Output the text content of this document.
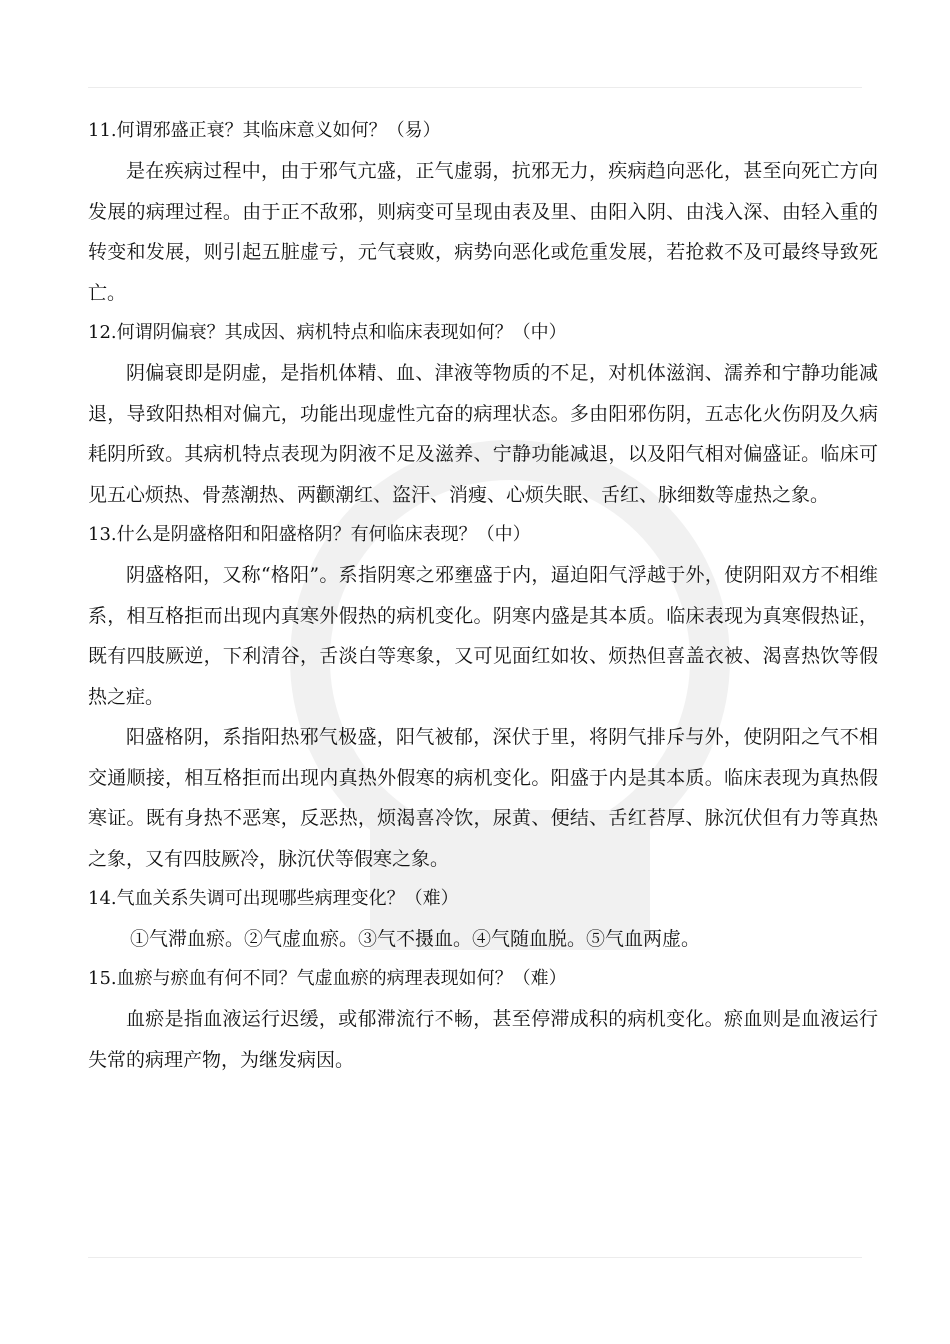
11.何谓邪盛正衰？其临床意义如何？（易）

是在疾病过程中，由于邪气亢盛，正气虚弱，抗邪无力，疾病趋向恶化，甚至向死亡方向发展的病理过程。由于正不敌邪，则病变可呈现由表及里、由阳入阴、由浅入深、由轻入重的转变和发展，则引起五脏虚亏，元气衰败，病势向恶化或危重发展，若抢救不及可最终导致死亡。

12.何谓阴偏衰？其成因、病机特点和临床表现如何？（中）

阴偏衰即是阴虚，是指机体精、血、津液等物质的不足，对机体滋润、濡养和宁静功能减退，导致阳热相对偏亢，功能出现虚性亢奋的病理状态。多由阳邪伤阴，五志化火伤阴及久病耗阴所致。其病机特点表现为阴液不足及滋养、宁静功能减退，以及阳气相对偏盛证。临床可见五心烦热、骨蒸潮热、两颧潮红、盗汗、消瘦、心烦失眠、舌红、脉细数等虚热之象。

13.什么是阴盛格阳和阳盛格阴？有何临床表现？（中）

阴盛格阳，又称“格阳”。系指阴寒之邪壅盛于内，逼迫阳气浮越于外，使阴阳双方不相维系，相互格拒而出现内真寒外假热的病机变化。阴寒内盛是其本质。临床表现为真寒假热证，既有四肢厥逆，下利清谷，舌淡白等寒象，又可见面红如妆、烦热但喜盖衣被、渴喜热饮等假热之症。

阳盛格阴，系指阳热邪气极盛，阳气被郁，深伏于里，将阴气排斥与外，使阴阳之气不相交通顺接，相互格拒而出现内真热外假寒的病机变化。阳盛于内是其本质。临床表现为真热假寒证。既有身热不恶寒，反恶热，烦渴喜冷饮，尿黄、便结、舌红苔厚、脉沉伏但有力等真热之象，又有四肢厥冷，脉沉伏等假寒之象。

14.气血关系失调可出现哪些病理变化？（难）
①气滞血瘀。②气虚血瘀。③气不摄血。④气随血脱。⑤气血两虚。
15.血瘀与瘀血有何不同？气虚血瘀的病理表现如何？（难）

血瘀是指血液运行迟缓，或郁滞流行不畅，甚至停滞成积的病机变化。瘀血则是血液运行失常的病理产物，为继发病因。
